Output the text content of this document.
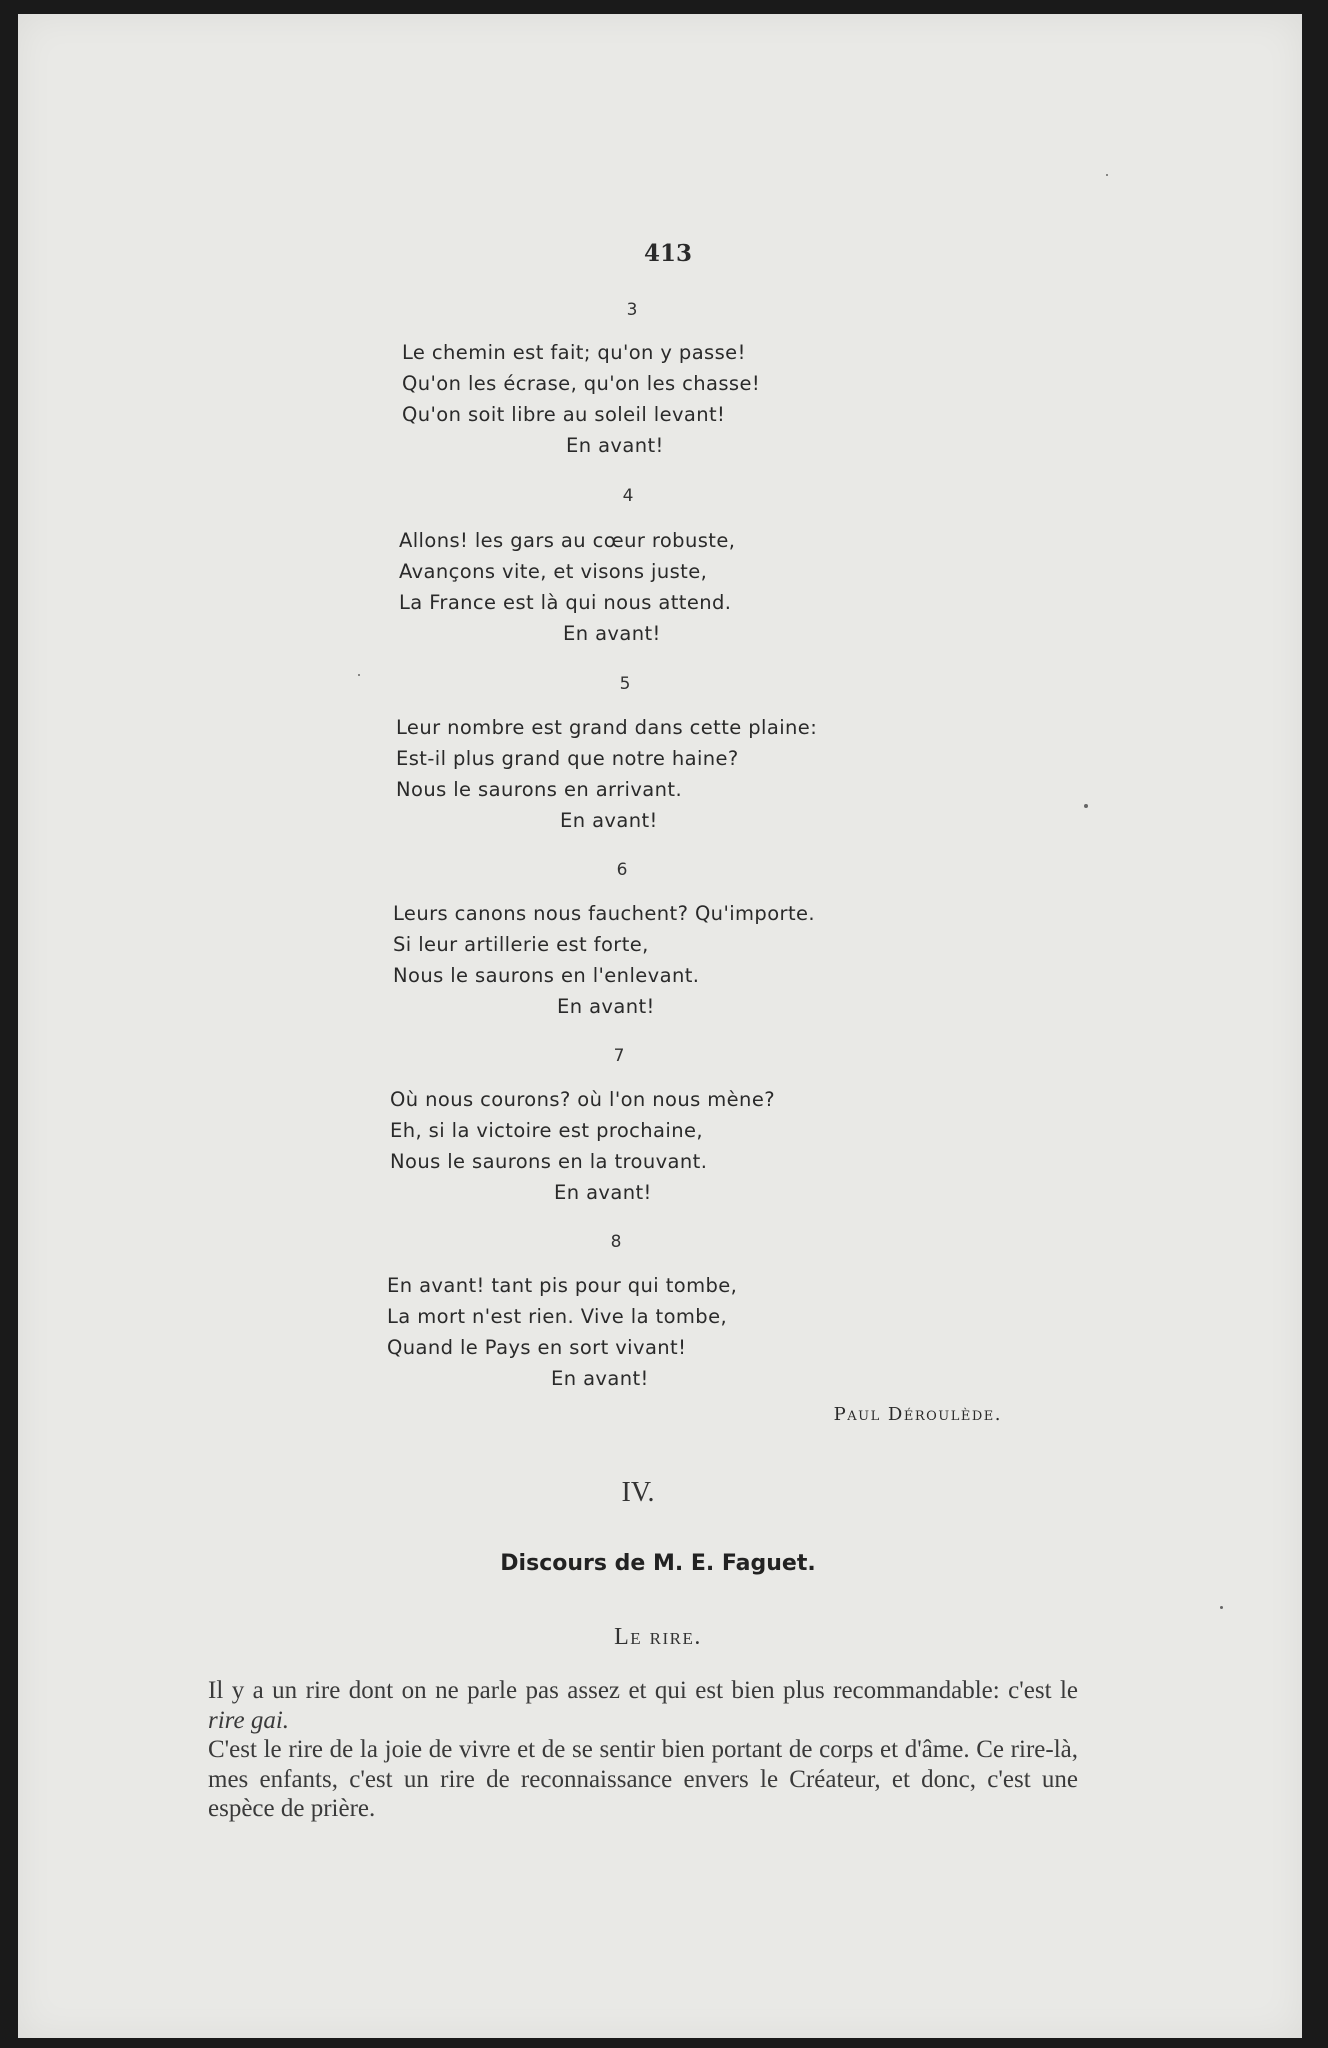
413
3
Le chemin est fait; qu'on y passe!
Qu'on les écrase, qu'on les chasse!
Qu'on soit libre au soleil levant!
En avant!
4
Allons! les gars au cœur robuste,
Avançons vite, et visons juste,
La France est là qui nous attend.
En avant!
5
Leur nombre est grand dans cette plaine:
Est-il plus grand que notre haine?
Nous le saurons en arrivant.
En avant!
6
Leurs canons nous fauchent? Qu'importe.
Si leur artillerie est forte,
Nous le saurons en l'enlevant.
En avant!
7
Où nous courons? où l'on nous mène?
Eh, si la victoire est prochaine,
Nous le saurons en la trouvant.
En avant!
8
En avant! tant pis pour qui tombe,
La mort n'est rien. Vive la tombe,
Quand le Pays en sort vivant!
En avant!
Paul Déroulède.
IV.
Discours de M. E. Faguet.
Le rire.

Il y a un rire dont on ne parle pas assez et qui est bien plus recommandable: c'est le rire gai.

C'est le rire de la joie de vivre et de se sentir bien portant de corps et d'âme. Ce rire-là, mes enfants, c'est un rire de reconnaissance envers le Créateur, et donc, c'est une espèce de prière.
